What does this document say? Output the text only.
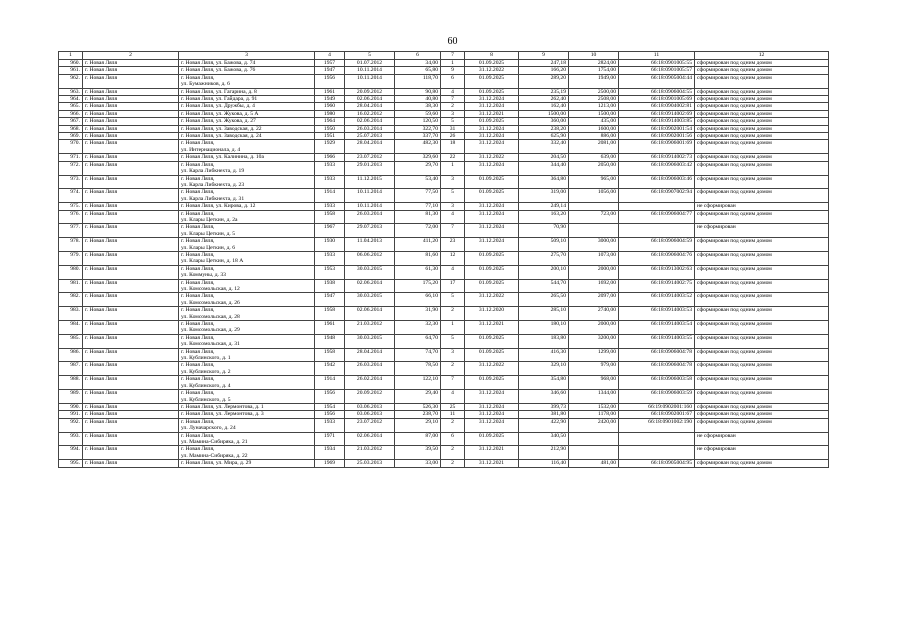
60
1	2	3	4	5	6	7	8	9	10	11	12
960.	г. Новая Ляля	г. Новая Ляля, ул. Бажова, д. 74	1957	01.07.2012	34,00	1	01.09.2025	247,18	2824,00	66:18:0901005:55	сформирован под одним домом
961.	г. Новая Ляля	г. Новая Ляля, ул. Бажова, д. 76	1947	10.11.2014	65,80	9	31.12.2022	166,20	1754,00	66:18:0901005:57	сформирован под одним домом
962.	г. Новая Ляля	г. Новая Ляля,
ул. Бумажников, д. 6	1956	10.11.2014	118,70	6	01.09.2025	289,20	1949,00	66:18:0905004:44	сформирован под одним домом
963.	г. Новая Ляля	г. Новая Ляля, ул. Гагарина, д. 8	1961	20.09.2012	90,80	4	01.09.2025	235,19	2500,00	66:18:0906004:55	сформирован под одним домом
964.	г. Новая Ляля	г. Новая Ляля, ул. Гайдара, д. 91	1949	02.06.2014	40,80	7	31.12.2024	262,40	2508,00	66:18:0901005:69	сформирован под одним домом
965.	г. Новая Ляля	г. Новая Ляля, ул. Дружбы, д. 4	1960	28.04.2014	38,30	2	31.12.2024	162,40	1213,00	66:18:0904002:81	сформирован под одним домом
966.	г. Новая Ляля	г. Новая Ляля, ул. Жукова, д. 5 А	1980	16.02.2012	59,60	3	31.12.2021	1500,00	1500,00	66:18:0914002:69	сформирован под одним домом
967.	г. Новая Ляля	г. Новая Ляля, ул. Жукова, д. 27	1964	02.06.2014	120,50	5	01.09.2025	360,00	435,00	66:18:0914003:85	сформирован под одним домом
968.	г. Новая Ляля	г. Новая Ляля, ул. Заводская, д. 22	1950	26.03.2014	322,70	31	31.12.2024	238,20	1600,00	66:18:0902001:54	сформирован под одним домом
969.	г. Новая Ляля	г. Новая Ляля, ул. Заводская, д. 24	1951	25.07.2013	337,70	26	31.12.2024	625,90	886,00	66:18:0902001:56	сформирован под одним домом
970.	г. Новая Ляля	г. Новая Ляля,
ул. Интернационала, д. 4	1929	28.04.2014	482,30	18	31.12.2024	332,40	2081,00	66:18:0906001:69	сформирован под одним домом
971.	г. Новая Ляля	г. Новая Ляля, ул. Калинина, д. 10а	1966	23.07.2012	329,60	22	31.12.2022	204,50	639,00	66:18:0914002:73	сформирован под одним домом
972.	г. Новая Ляля	г. Новая Ляля,
ул. Карла Либкнехта, д. 19	1933	29.01.2013	29,70	1	31.12.2024	344,40	2050,00	66:18:0906003:42	сформирован под одним домом
973.	г. Новая Ляля	г. Новая Ляля,
ул. Карла Либкнехта, д. 23	1933	11.12.2015	53,40	3	01.09.2025	364,80	965,00	66:18:0906003:46	сформирован под одним домом
974.	г. Новая Ляля	г. Новая Ляля,
ул. Карла Либкнехта, д. 31	1914	10.11.2014	77,50	5	01.09.2025	319,00	1056,00	66:18:0907002:94	сформирован под одним домом
975.	г. Новая Ляля	г. Новая Ляля, ул. Кирова, д. 12	1933	10.11.2014	77,10	3	31.12.2024	249,14			не сформирован
976.	г. Новая Ляля	г. Новая Ляля,
ул. Клары Цеткин, д. 2а	1958	26.03.2014	81,30	4	31.12.2024	163,20	723,00	66:18:0906004:77	сформирован под одним домом
977.	г. Новая Ляля	г. Новая Ляля,
ул. Клары Цеткин, д. 5	1967	29.07.2013	72,00	7	31.12.2024	70,90			не сформирован
978.	г. Новая Ляля	г. Новая Ляля,
ул. Клары Цеткин, д. 6	1930	11.04.2013	411,20	23	31.12.2024	509,10	3000,00	66:18:0906004:59	сформирован под одним домом
979.	г. Новая Ляля	г. Новая Ляля,
ул. Клары Цеткин, д. 18 А	1933	06.06.2012	81,60	12	01.09.2025	275,70	1073,00	66:18:0906004:76	сформирован под одним домом
980.	г. Новая Ляля	г. Новая Ляля,
ул. Коммуны, д. 33	1953	30.03.2015	61,30	4	01.09.2025	200,10	2000,00	66:18:0913002:63	сформирован под одним домом
981.	г. Новая Ляля	г. Новая Ляля,
ул. Комсомольская, д. 12	1938	02.06.2014	175,20	17	01.09.2025	544,70	1692,00	66:18:0914002:75	сформирован под одним домом
982.	г. Новая Ляля	г. Новая Ляля,
ул. Комсомольская, д. 26	1947	30.03.2015	66,10	5	31.12.2022	265,50	2097,00	66:18:0914003:52	сформирован под одним домом
983.	г. Новая Ляля	г. Новая Ляля,
ул. Комсомольская, д. 28	1958	02.06.2014	31,90	2	31.12.2020	285,10	2740,00	66:18:0914003:53	сформирован под одним домом
984.	г. Новая Ляля	г. Новая Ляля,
ул. Комсомольская, д. 29	1961	21.03.2012	32,30	1	31.12.2021	180,10	2000,00	66:18:0914003:54	сформирован под одним домом
985.	г. Новая Ляля	г. Новая Ляля,
ул. Комсомольская, д. 31	1948	30.03.2015	64,70	5	01.09.2025	183,80	3200,00	66:18:0914003:55	сформирован под одним домом
986.	г. Новая Ляля	г. Новая Ляля,
ул. Кублинского, д. 1	1958	28.04.2014	74,70	3	01.09.2025	416,30	1299,00	66:18:0906004:78	сформирован под одним домом
987.	г. Новая Ляля	г. Новая Ляля,
ул. Кублинского, д. 2	1942	26.03.2014	78,50	2	31.12.2022	329,10	979,00	66:18:0906004:78	сформирован под одним домом
988.	г. Новая Ляля	г. Новая Ляля,
ул. Кублинского, д. 4	1914	26.02.2014	122,10	7	01.09.2025	354,80	968,00	66:18:0906003:58	сформирован под одним домом
989.	г. Новая Ляля	г. Новая Ляля,
ул. Кублинского, д. 5	1956	20.09.2012	29,40	4	31.12.2024	346,60	1344,00	66:18:0906003:59	сформирован под одним домом
990.	г. Новая Ляля	г. Новая Ляля, ул. Лермонтова, д. 1	1954	03.06.2013	526,30	25	31.12.2024	399,73	1532,00	66:19:0902001:160	сформирован под одним домом
991.	г. Новая Ляля	г. Новая Ляля, ул. Лермонтова, д. 3	1956	03.06.2013	238,70	11	31.12.2024	381,80	1178,00	66:18:0902001:67	сформирован под одним домом
992.	г. Новая Ляля	г. Новая Ляля,
ул. Луначарского, д. 24	1933	23.07.2012	29,10	2	31.12.2024	422,90	2420,00	66:18:0901002:190	сформирован под одним домом
993.	г. Новая Ляля	г. Новая Ляля,
ул. Мамина-Сибиряка, д. 21	1971	02.06.2014	87,00	6	01.09.2025	340,50			не сформирован
994.	г. Новая Ляля	г. Новая Ляля,
ул. Мамина-Сибиряка, д. 22	1934	21.03.2012	39,50	2	31.12.2021	212,90			не сформирован
995.	г. Новая Ляля	г. Новая Ляля, ул. Мира, д. 29	1969	25.03.2013	33,00	2	31.12.2021	116,40	481,00	66:18:0905004:95	сформирован под одним домом
